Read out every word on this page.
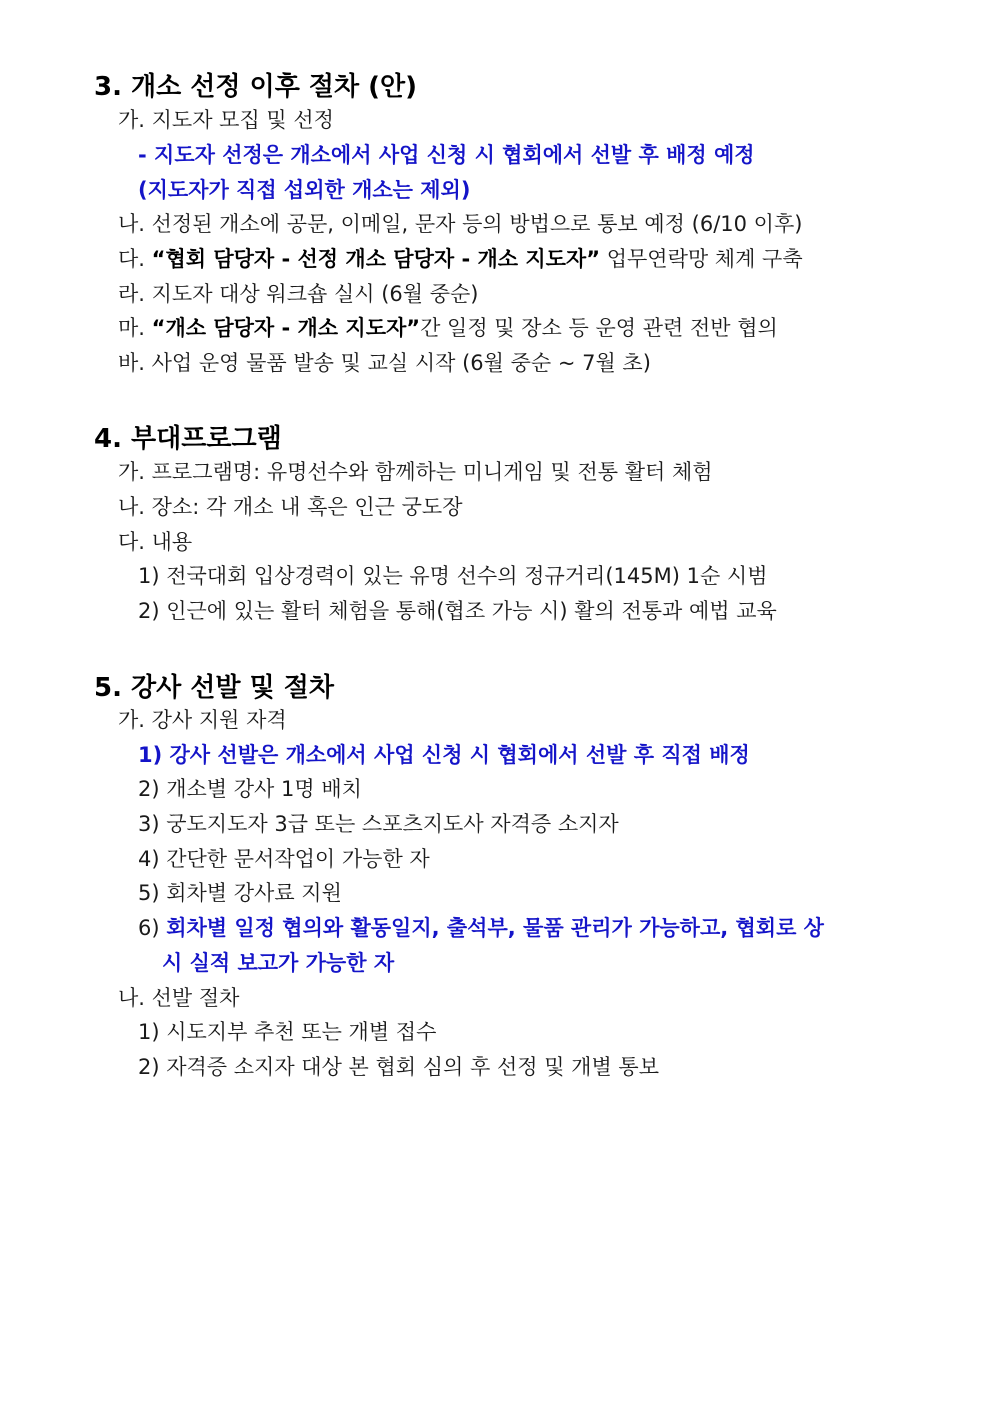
3. 개소 선정 이후 절차 (안)

가. 지도자 모집 및 선정

- 지도자 선정은 개소에서 사업 신청 시 협회에서 선발 후 배정 예정

(지도자가 직접 섭외한 개소는 제외)

나. 선정된 개소에 공문, 이메일, 문자 등의 방법으로 통보 예정 (6/10 이후)

다. “협회 담당자 - 선정 개소 담당자 - 개소 지도자” 업무연락망 체계 구축

라. 지도자 대상 워크숍 실시 (6월 중순)

마. “개소 담당자 - 개소 지도자”간 일정 및 장소 등 운영 관련 전반 협의

바. 사업 운영 물품 발송 및 교실 시작 (6월 중순 ~ 7월 초)

4. 부대프로그램

가. 프로그램명: 유명선수와 함께하는 미니게임 및 전통 활터 체험

나. 장소: 각 개소 내 혹은 인근 궁도장

다. 내용

1) 전국대회 입상경력이 있는 유명 선수의 정규거리(145M) 1순 시범

2) 인근에 있는 활터 체험을 통해(협조 가능 시) 활의 전통과 예법 교육

5. 강사 선발 및 절차

가. 강사 지원 자격

1) 강사 선발은 개소에서 사업 신청 시 협회에서 선발 후 직접 배정

2) 개소별 강사 1명 배치

3) 궁도지도자 3급 또는 스포츠지도사 자격증 소지자

4) 간단한 문서작업이 가능한 자

5) 회차별 강사료 지원

6) 회차별 일정 협의와 활동일지, 출석부, 물품 관리가 가능하고, 협회로 상

시 실적 보고가 가능한 자

나. 선발 절차

1) 시도지부 추천 또는 개별 접수

2) 자격증 소지자 대상 본 협회 심의 후 선정 및 개별 통보
